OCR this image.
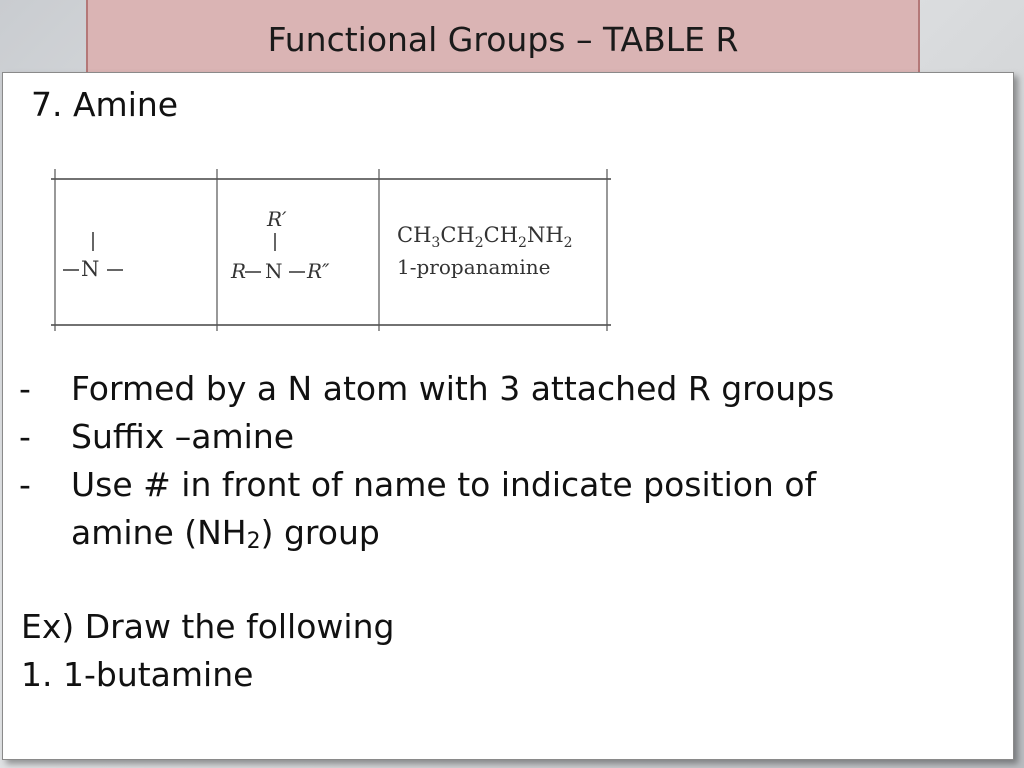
Functional Groups – TABLE R
7. Amine
N
R′
R N R″
$CH_3CH_2CH_2NH_2$
1-propanamine
- Formed by a N atom with 3 attached R groups
- Suffix –amine
- Use # in front of name to indicate position of
amine $(NH_2)$ group
Ex) Draw the following
1. 1-butamine
